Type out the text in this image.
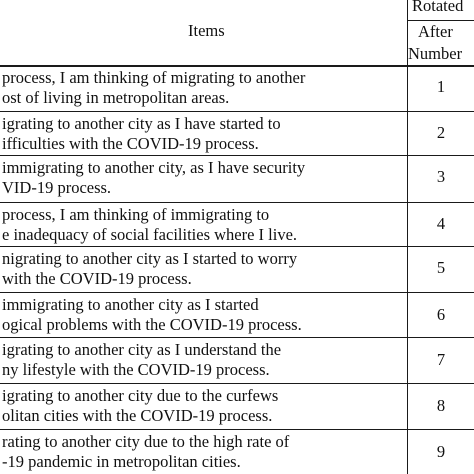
Items
Rotated
After
Number
process, I am thinking of migrating to another
ost of living in metropolitan areas.
1
igrating to another city as I have started to
ifficulties with the COVID-19 process.
2
immigrating to another city, as I have security
VID-19 process.
3
process, I am thinking of immigrating to
e inadequacy of social facilities where I live.
4
nigrating to another city as I started to worry
with the COVID-19 process.
5
immigrating to another city as I started
ogical problems with the COVID-19 process.
6
igrating to another city as I understand the
ny lifestyle with the COVID-19 process.
7
igrating to another city due to the curfews
olitan cities with the COVID-19 process.
8
rating to another city due to the high rate of
-19 pandemic in metropolitan cities.
9
